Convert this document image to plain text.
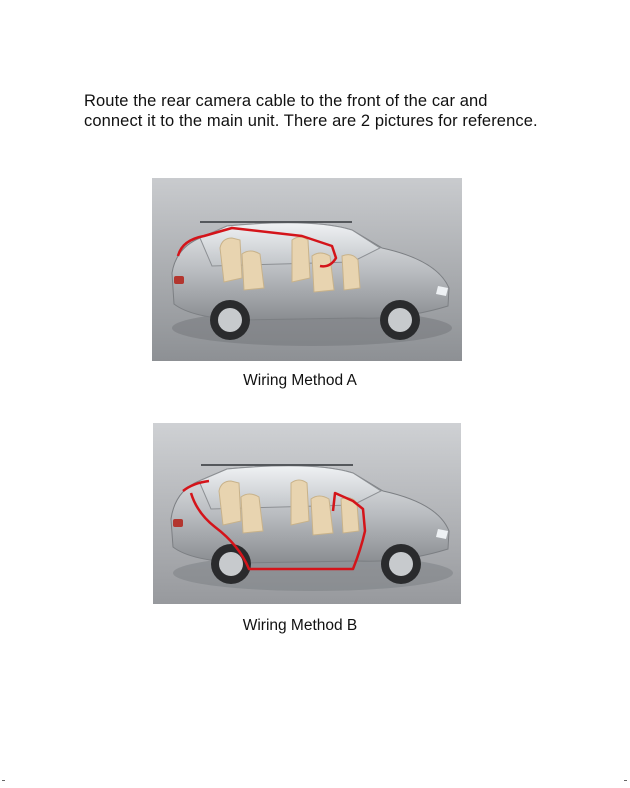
Route the rear camera cable to the front of the car and connect it to the main unit. There are 2 pictures for reference.

Wiring Method A
Wiring Method B
